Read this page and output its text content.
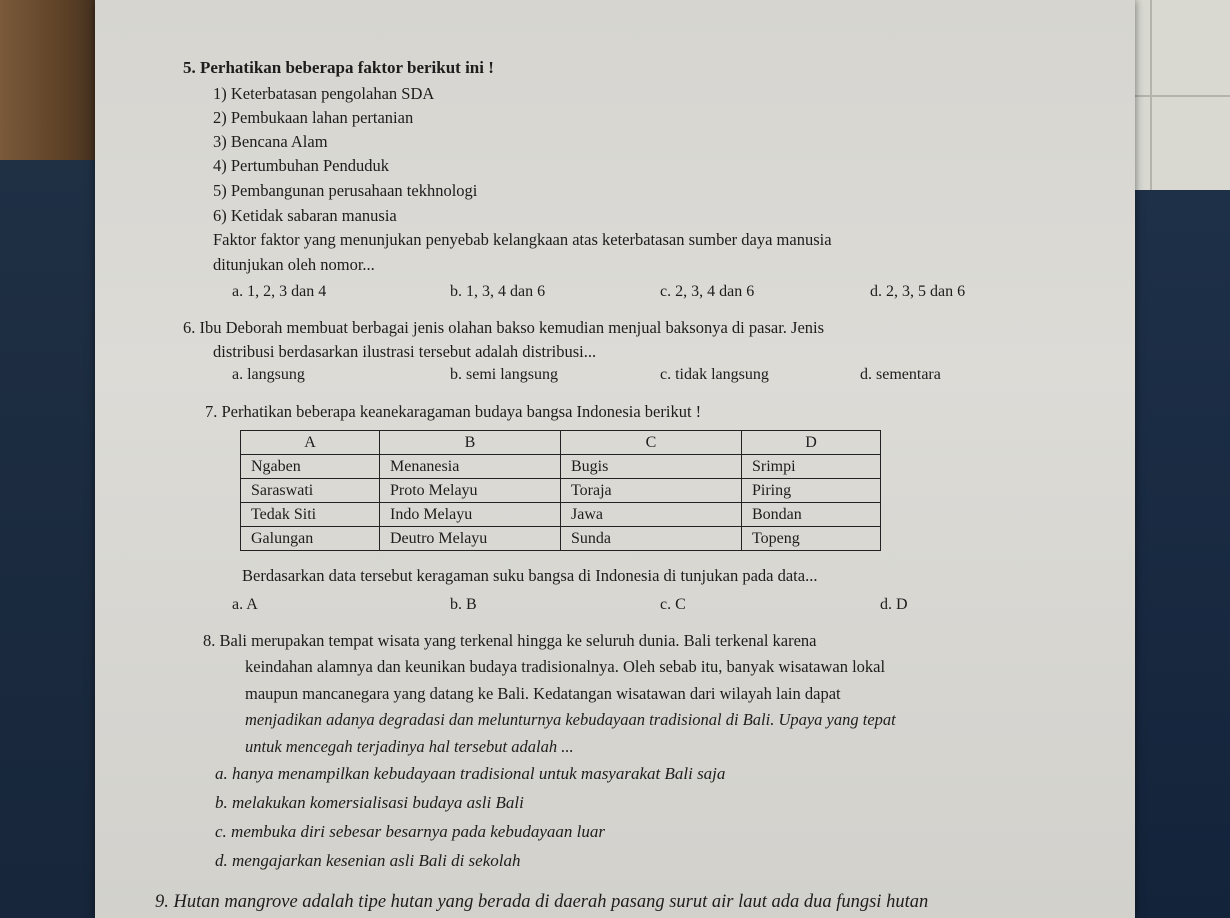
5. Perhatikan beberapa faktor berikut ini !
1) Keterbatasan pengolahan SDA
2) Pembukaan lahan pertanian
3) Bencana Alam
4) Pertumbuhan Penduduk
5) Pembangunan perusahaan tekhnologi
6) Ketidak sabaran manusia
Faktor faktor yang menunjukan penyebab kelangkaan atas keterbatasan sumber daya manusia
ditunjukan oleh nomor...
a. 1, 2, 3 dan 4	b. 1, 3, 4 dan 6	c. 2, 3, 4 dan 6	d. 2, 3, 5 dan 6
6. Ibu Deborah membuat berbagai jenis olahan bakso kemudian menjual baksonya di pasar. Jenis
distribusi berdasarkan ilustrasi tersebut adalah distribusi...
a. langsung	b. semi langsung	c. tidak langsung	d. sementara
7. Perhatikan beberapa keanekaragaman budaya bangsa Indonesia berikut !
A	B	C	D
Ngaben	Menanesia	Bugis	Srimpi
Saraswati	Proto Melayu	Toraja	Piring
Tedak Siti	Indo Melayu	Jawa	Bondan
Galungan	Deutro Melayu	Sunda	Topeng
Berdasarkan data tersebut keragaman suku bangsa di Indonesia di tunjukan pada data...
a. A	b. B	c. C	d. D
8. Bali merupakan tempat wisata yang terkenal hingga ke seluruh dunia. Bali terkenal karena
keindahan alamnya dan keunikan budaya tradisionalnya. Oleh sebab itu, banyak wisatawan lokal
maupun mancanegara yang datang ke Bali. Kedatangan wisatawan dari wilayah lain dapat
menjadikan adanya degradasi dan melunturnya kebudayaan tradisional di Bali. Upaya yang tepat
untuk mencegah terjadinya hal tersebut adalah ...
a. hanya menampilkan kebudayaan tradisional untuk masyarakat Bali saja
b. melakukan komersialisasi budaya asli Bali
c. membuka diri sebesar besarnya pada kebudayaan luar
d. mengajarkan kesenian asli Bali di sekolah
9. Hutan mangrove adalah tipe hutan yang berada di daerah pasang surut air laut ada dua fungsi hutan
